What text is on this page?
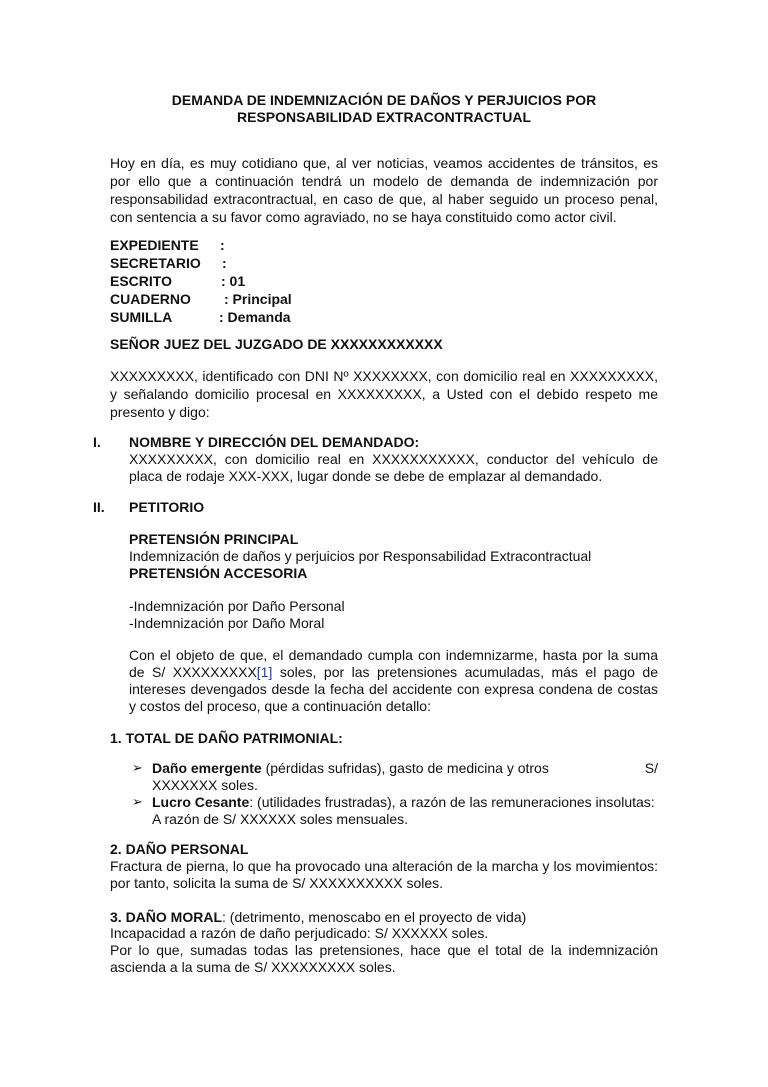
DEMANDA DE INDEMNIZACIÓN DE DAÑOS Y PERJUICIOS POR
RESPONSABILIDAD EXTRACONTRACTUAL
Hoy en día, es muy cotidiano que, al ver noticias, veamos accidentes de tránsitos, es por ello que a continuación tendrá un modelo de demanda de indemnización por responsabilidad extracontractual, en caso de que, al haber seguido un proceso penal, con sentencia a su favor como agraviado, no se haya constituido como actor civil.
EXPEDIENTE :
SECRETARIO :
ESCRITO	: 01
CUADERNO : Principal
SUMILLA	: Demanda
SEÑOR JUEZ DEL JUZGADO DE XXXXXXXXXXXX
XXXXXXXXX, identificado con DNI Nº XXXXXXXX, con domicilio real en XXXXXXXXX, y señalando domicilio procesal en XXXXXXXXX, a Usted con el debido respeto me presento y digo:
I. NOMBRE Y DIRECCIÓN DEL DEMANDADO:
XXXXXXXXX, con domicilio real en XXXXXXXXXXX, conductor del vehículo de placa de rodaje XXX-XXX, lugar donde se debe de emplazar al demandado.
II. PETITORIO
PRETENSIÓN PRINCIPAL
Indemnización de daños y perjuicios por Responsabilidad Extracontractual
PRETENSIÓN ACCESORIA
-Indemnización por Daño Personal
-Indemnización por Daño Moral
Con el objeto de que, el demandado cumpla con indemnizarme, hasta por la suma de S/ XXXXXXXXX[1] soles, por las pretensiones acumuladas, más el pago de intereses devengados desde la fecha del accidente con expresa condena de costas y costos del proceso, que a continuación detallo:
1. TOTAL DE DAÑO PATRIMONIAL:
➢ Daño emergente (pérdidas sufridas), gasto de medicina y otros	S/
XXXXXXX soles.
➢ Lucro Cesante: (utilidades frustradas), a razón de las remuneraciones insolutas:
A razón de S/ XXXXXX soles mensuales.
2. DAÑO PERSONAL
Fractura de pierna, lo que ha provocado una alteración de la marcha y los movimientos: por tanto, solicita la suma de S/ XXXXXXXXXX soles.
3. DAÑO MORAL: (detrimento, menoscabo en el proyecto de vida)
Incapacidad a razón de daño perjudicado: S/ XXXXXX soles.
Por lo que, sumadas todas las pretensiones, hace que el total de la indemnización ascienda a la suma de S/ XXXXXXXXX soles.
